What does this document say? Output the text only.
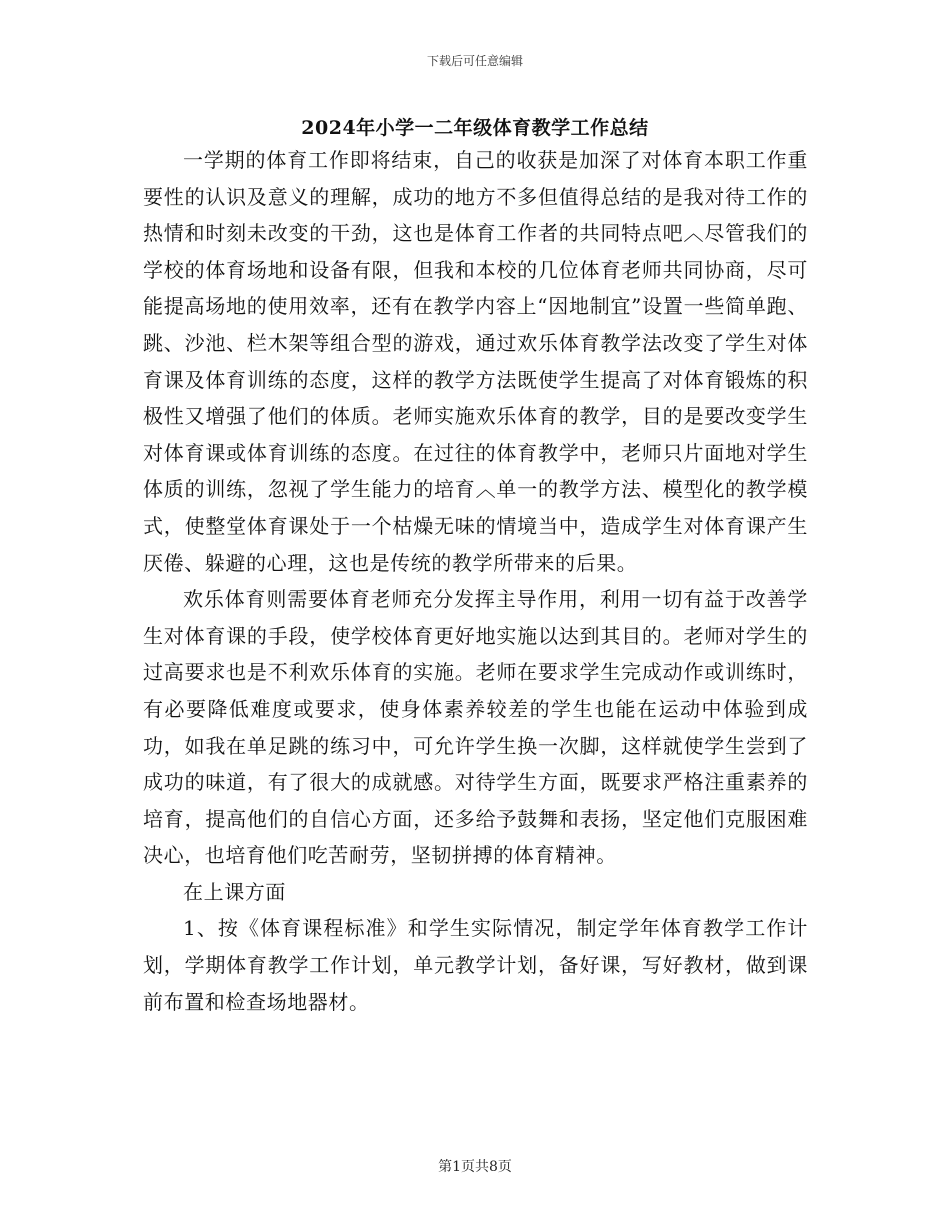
下载后可任意编辑
2024年小学一二年级体育教学工作总结

一学期的体育工作即将结束，自己的收获是加深了对体育本职工作重要性的认识及意义的理解，成功的地方不多但值得总结的是我对待工作的热情和时刻未改变的干劲，这也是体育工作者的共同特点吧︿尽管我们的学校的体育场地和设备有限，但我和本校的几位体育老师共同协商，尽可能提高场地的使用效率，还有在教学内容上“因地制宜”设置一些简单跑、跳、沙池、栏木架等组合型的游戏，通过欢乐体育教学法改变了学生对体育课及体育训练的态度，这样的教学方法既使学生提高了对体育锻炼的积极性又增强了他们的体质。老师实施欢乐体育的教学，目的是要改变学生对体育课或体育训练的态度。在过往的体育教学中，老师只片面地对学生体质的训练，忽视了学生能力的培育︿单一的教学方法、模型化的教学模式，使整堂体育课处于一个枯燥无味的情境当中，造成学生对体育课产生厌倦、躲避的心理，这也是传统的教学所带来的后果。

欢乐体育则需要体育老师充分发挥主导作用，利用一切有益于改善学生对体育课的手段，使学校体育更好地实施以达到其目的。老师对学生的过高要求也是不利欢乐体育的实施。老师在要求学生完成动作或训练时，有必要降低难度或要求，使身体素养较差的学生也能在运动中体验到成功，如我在单足跳的练习中，可允许学生换一次脚，这样就使学生尝到了成功的味道，有了很大的成就感。对待学生方面，既要求严格注重素养的培育，提高他们的自信心方面，还多给予鼓舞和表扬，坚定他们克服困难决心，也培育他们吃苦耐劳，坚韧拼搏的体育精神。

在上课方面

1、按《体育课程标准》和学生实际情况，制定学年体育教学工作计划，学期体育教学工作计划，单元教学计划，备好课，写好教材，做到课前布置和检查场地器材。

第1页共8页
